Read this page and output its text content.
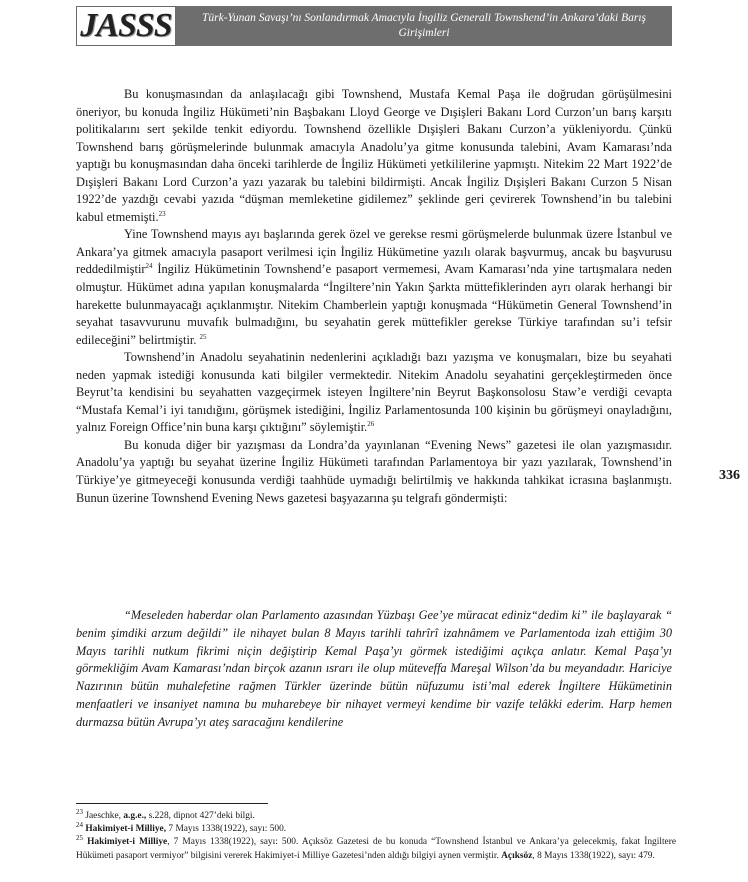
JASSS	Türk-Yunan Savaşı’nı Sonlandırmak Amacıyla İngiliz Generali Townshend’in Ankara’daki Barış Girişimleri

Bu konuşmasından da anlaşılacağı gibi Townshend, Mustafa Kemal Paşa ile doğrudan görüşülmesini öneriyor, bu konuda İngiliz Hükümeti’nin Başbakanı Lloyd George ve Dışişleri Bakanı Lord Curzon’un barış karşıtı politikalarını sert şekilde tenkit ediyordu. Townshend özellikle Dışişleri Bakanı Curzon’a yükleniyordu. Çünkü Townshend barış görüşmelerinde bulunmak amacıyla Anadolu’ya gitme konusunda talebini, Avam Kamarası’nda yaptığı bu konuşmasından daha önceki tarihlerde de İngiliz Hükümeti yetkililerine yapmıştı. Nitekim 22 Mart 1922’de Dışişleri Bakanı Lord Curzon’a yazı yazarak bu talebini bildirmişti. Ancak İngiliz Dışişleri Bakanı Curzon 5 Nisan 1922’de yazdığı cevabi yazıda “düşman memleketine gidilemez” şeklinde geri çevirerek Townshend’in bu talebini kabul etmemişti.$^{23}$

Yine Townshend mayıs ayı başlarında gerek özel ve gerekse resmi görüşmelerde bulunmak üzere İstanbul ve Ankara’ya gitmek amacıyla pasaport verilmesi için İngiliz Hükümetine yazılı olarak başvurmuş, ancak bu başvurusu reddedilmiştir$^{24}$ İngiliz Hükümetinin Townshend’e pasaport vermemesi, Avam Kamarası’nda yine tartışmalara neden olmuştur. Hükümet adına yapılan konuşmalarda “İngiltere’nin Yakın Şarkta müttefiklerinden ayrı olarak herhangi bir harekette bulunmayacağı açıklanmıştır. Nitekim Chamberlein yaptığı konuşmada “Hükümetin General Townshend’in seyahat tasavvurunu muvafık bulmadığını, bu seyahatin gerek müttefikler gerekse Türkiye tarafından su’i tefsir edileceğini” belirtmiştir. $^{25}$

Townshend’in Anadolu seyahatinin nedenlerini açıkladığı bazı yazışma ve konuşmaları, bize bu seyahati neden yapmak istediği konusunda kati bilgiler vermektedir. Nitekim Anadolu seyahatini gerçekleştirmeden önce Beyrut’ta kendisini bu seyahatten vazgeçirmek isteyen İngiltere’nin Beyrut Başkonsolosu Staw’e verdiği cevapta “Mustafa Kemal’i iyi tanıdığını, görüşmek istediğini, İngiliz Parlamentosunda 100 kişinin bu görüşmeyi onayladığını, yalnız Foreign Office’nin buna karşı çıktığını” söylemiştir.$^{26}$

Bu konuda diğer bir yazışması da Londra’da yayınlanan “Evening News” gazetesi ile olan yazışmasıdır. Anadolu’ya yaptığı bu seyahat üzerine İngiliz Hükümeti tarafından Parlamentoya bir yazı yazılarak, Townshend’in Türkiye’ye gitmeyeceği konusunda verdiği taahhüde uymadığı belirtilmiş ve hakkında tahkikat icrasına başlanmıştı. Bunun üzerine Townshend Evening News gazetesi başyazarına şu telgrafı göndermişti:

“Meseleden haberdar olan Parlamento azasından Yüzbaşı Gee’ye müracat ediniz“dedim ki” ile başlayarak “ benim şimdiki arzum değildi” ile nihayet bulan 8 Mayıs tarihli tahrîrî izahnâmem ve Parlamentoda izah ettiğim 30 Mayıs tarihli nutkum fikrimi niçin değiştirip Kemal Paşa’yı görmek istediğimi açıkça anlatır. Kemal Paşa’yı görmekliğim Avam Kamarası’ndan birçok azanın ısrarı ile olup müteveffa Mareşal Wilson’da bu meyandadır. Hariciye Nazırının bütün muhalefetine rağmen Türkler üzerinde bütün nüfuzumu isti’mal ederek İngiltere Hükümetinin menfaatleri ve insaniyet namına bu muharebeye bir nihayet vermeyi kendime bir vazife telâkki ederim. Harp hemen durmazsa bütün Avrupa’yı ateş saracağını kendilerine
336

$^{23}$ Jaeschke, a.g.e., s.228, dipnot 427’deki bilgi.

$^{24}$ Hakimiyet-i Milliye, 7 Mayıs 1338(1922), sayı: 500.

$^{25}$ Hakimiyet-i Milliye, 7 Mayıs 1338(1922), sayı: 500. Açıksöz Gazetesi de bu konuda “Townshend İstanbul ve Ankara’ya gelecekmiş, fakat İngiltere Hükümeti pasaport vermiyor” bilgisini vererek Hakimiyet-i Milliye Gazetesi’nden aldığı bilgiyi aynen vermiştir. Açıksöz, 8 Mayıs 1338(1922), sayı: 479.
